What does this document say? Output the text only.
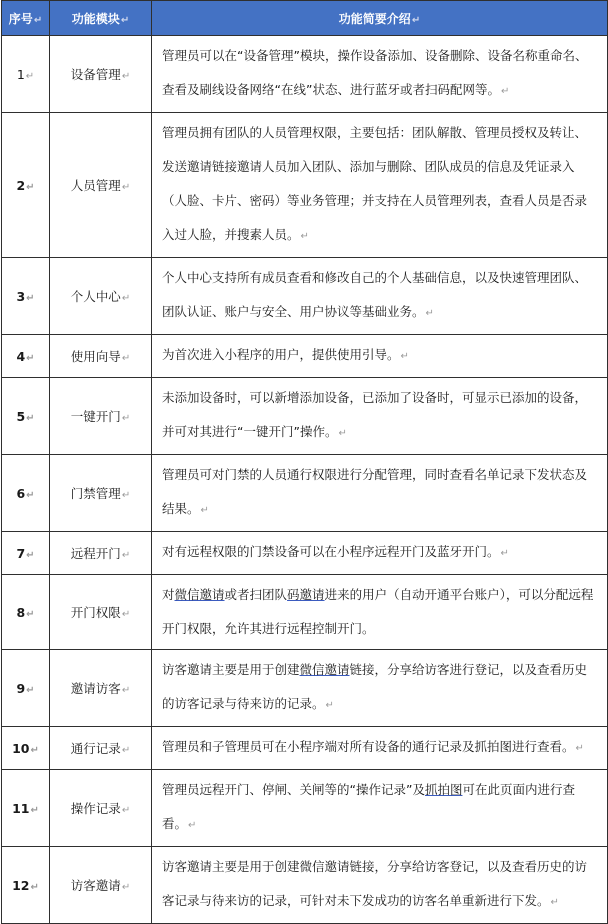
序号↵	功能模块↵	功能简要介绍↵
1↵	设备管理↵	管理员可以在“设备管理”模块，操作设备添加、设备删除、设备名称重命名、查看及刷线设备网络“在线”状态、进行蓝牙或者扫码配网等。↵
2↵	人员管理↵	管理员拥有团队的人员管理权限，主要包括：团队解散、管理员授权及转让、发送邀请链接邀请人员加入团队、添加与删除、团队成员的信息及凭证录入（人脸、卡片、密码）等业务管理；并支持在人员管理列表，查看人员是否录入过人脸，并搜素人员。↵
3↵	个人中心↵	个人中心支持所有成员查看和修改自己的个人基础信息，以及快速管理团队、团队认证、账户与安全、用户协议等基础业务。↵
4↵	使用向导↵	为首次进入小程序的用户，提供使用引导。↵
5↵	一键开门↵	未添加设备时，可以新增添加设备，已添加了设备时，可显示已添加的设备，并可对其进行“一键开门”操作。↵
6↵	门禁管理↵	管理员可对门禁的人员通行权限进行分配管理，同时查看名单记录下发状态及结果。↵
7↵	远程开门↵	对有远程权限的门禁设备可以在小程序远程开门及蓝牙开门。↵
8↵	开门权限↵	对微信邀请或者扫团队码邀请进来的用户（自动开通平台账户），可以分配远程开门权限，允许其进行远程控制开门。
9↵	邀请访客↵	访客邀请主要是用于创建微信邀请链接，分享给访客进行登记，以及查看历史的访客记录与待来访的记录。↵
10↵	通行记录↵	管理员和子管理员可在小程序端对所有设备的通行记录及抓拍图进行查看。↵
11↵	操作记录↵	管理员远程开门、停闸、关闸等的“操作记录”及抓拍图可在此页面内进行查看。↵
12↵	访客邀请↵	访客邀请主要是用于创建微信邀请链接，分享给访客登记，以及查看历史的访客记录与待来访的记录，可针对未下发成功的访客名单重新进行下发。↵
